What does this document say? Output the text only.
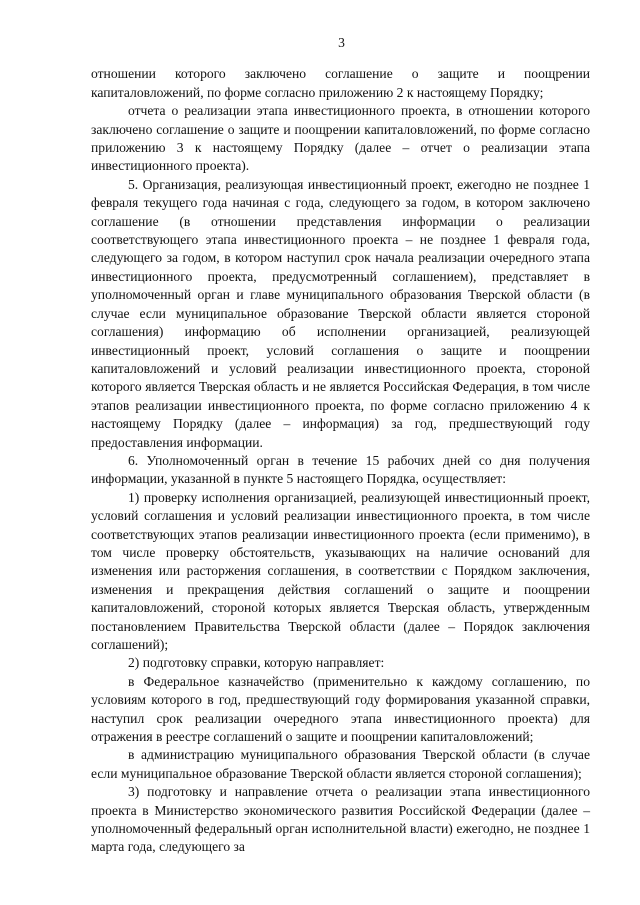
3

отношении которого заключено соглашение о защите и поощрении капиталовложений, по форме согласно приложению 2 к настоящему Порядку;

отчета о реализации этапа инвестиционного проекта, в отношении которого заключено соглашение о защите и поощрении капиталовложений, по форме согласно приложению 3 к настоящему Порядку (далее – отчет о реализации этапа инвестиционного проекта).

5. Организация, реализующая инвестиционный проект, ежегодно не позднее 1 февраля текущего года начиная с года, следующего за годом, в котором заключено соглашение (в отношении представления информации о реализации соответствующего этапа инвестиционного проекта – не позднее 1 февраля года, следующего за годом, в котором наступил срок начала реализации очередного этапа инвестиционного проекта, предусмотренный соглашением), представляет в уполномоченный орган и главе муниципального образования Тверской области (в случае если муниципальное образование Тверской области является стороной соглашения) информацию об исполнении организацией, реализующей инвестиционный проект, условий соглашения о защите и поощрении капиталовложений и условий реализации инвестиционного проекта, стороной которого является Тверская область и не является Российская Федерация, в том числе этапов реализации инвестиционного проекта, по форме согласно приложению 4 к настоящему Порядку (далее – информация) за год, предшествующий году предоставления информации.

6. Уполномоченный орган в течение 15 рабочих дней со дня получения информации, указанной в пункте 5 настоящего Порядка, осуществляет:

1) проверку исполнения организацией, реализующей инвестиционный проект, условий соглашения и условий реализации инвестиционного проекта, в том числе соответствующих этапов реализации инвестиционного проекта (если применимо), в том числе проверку обстоятельств, указывающих на наличие оснований для изменения или расторжения соглашения, в соответствии с Порядком заключения, изменения и прекращения действия соглашений о защите и поощрении капиталовложений, стороной которых является Тверская область, утвержденным постановлением Правительства Тверской области (далее – Порядок заключения соглашений);

2) подготовку справки, которую направляет:

в Федеральное казначейство (применительно к каждому соглашению, по условиям которого в год, предшествующий году формирования указанной справки, наступил срок реализации очередного этапа инвестиционного проекта) для отражения в реестре соглашений о защите и поощрении капиталовложений;

в администрацию муниципального образования Тверской области (в случае если муниципальное образование Тверской области является стороной соглашения);

3) подготовку и направление отчета о реализации этапа инвестиционного проекта в Министерство экономического развития Российской Федерации (далее – уполномоченный федеральный орган исполнительной власти) ежегодно, не позднее 1 марта года, следующего за
